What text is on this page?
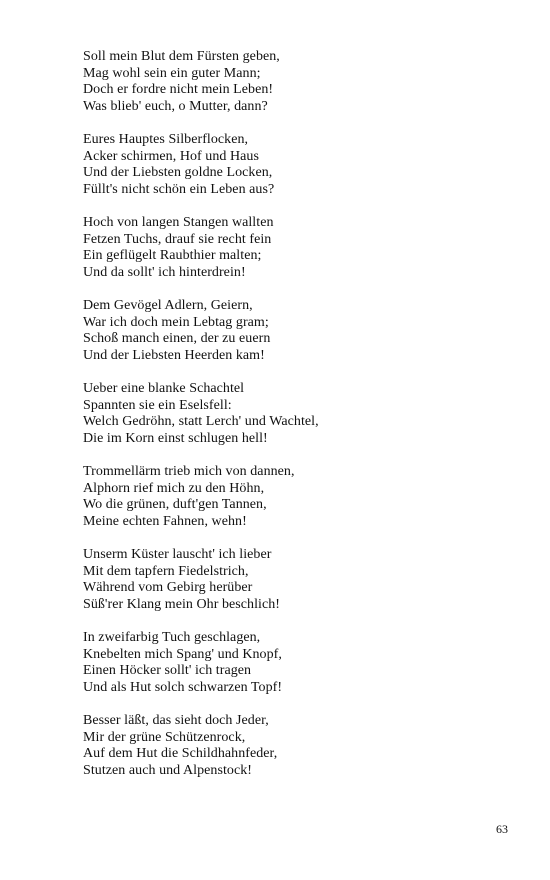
Soll mein Blut dem Fürsten geben,
Mag wohl sein ein guter Mann;
Doch er fordre nicht mein Leben!
Was blieb' euch, o Mutter, dann?
Eures Hauptes Silberflocken,
Acker schirmen, Hof und Haus
Und der Liebsten goldne Locken,
Füllt's nicht schön ein Leben aus?
Hoch von langen Stangen wallten
Fetzen Tuchs, drauf sie recht fein
Ein geflügelt Raubthier malten;
Und da sollt' ich hinterdrein!
Dem Gevögel Adlern, Geiern,
War ich doch mein Lebtag gram;
Schoß manch einen, der zu euern
Und der Liebsten Heerden kam!
Ueber eine blanke Schachtel
Spannten sie ein Eselsfell:
Welch Gedröhn, statt Lerch' und Wachtel,
Die im Korn einst schlugen hell!
Trommellärm trieb mich von dannen,
Alphorn rief mich zu den Höhn,
Wo die grünen, duft'gen Tannen,
Meine echten Fahnen, wehn!
Unserm Küster lauscht' ich lieber
Mit dem tapfern Fiedelstrich,
Während vom Gebirg herüber
Süß'rer Klang mein Ohr beschlich!
In zweifarbig Tuch geschlagen,
Knebelten mich Spang' und Knopf,
Einen Höcker sollt' ich tragen
Und als Hut solch schwarzen Topf!
Besser läßt, das sieht doch Jeder,
Mir der grüne Schützenrock,
Auf dem Hut die Schildhahnfeder,
Stutzen auch und Alpenstock!
63
